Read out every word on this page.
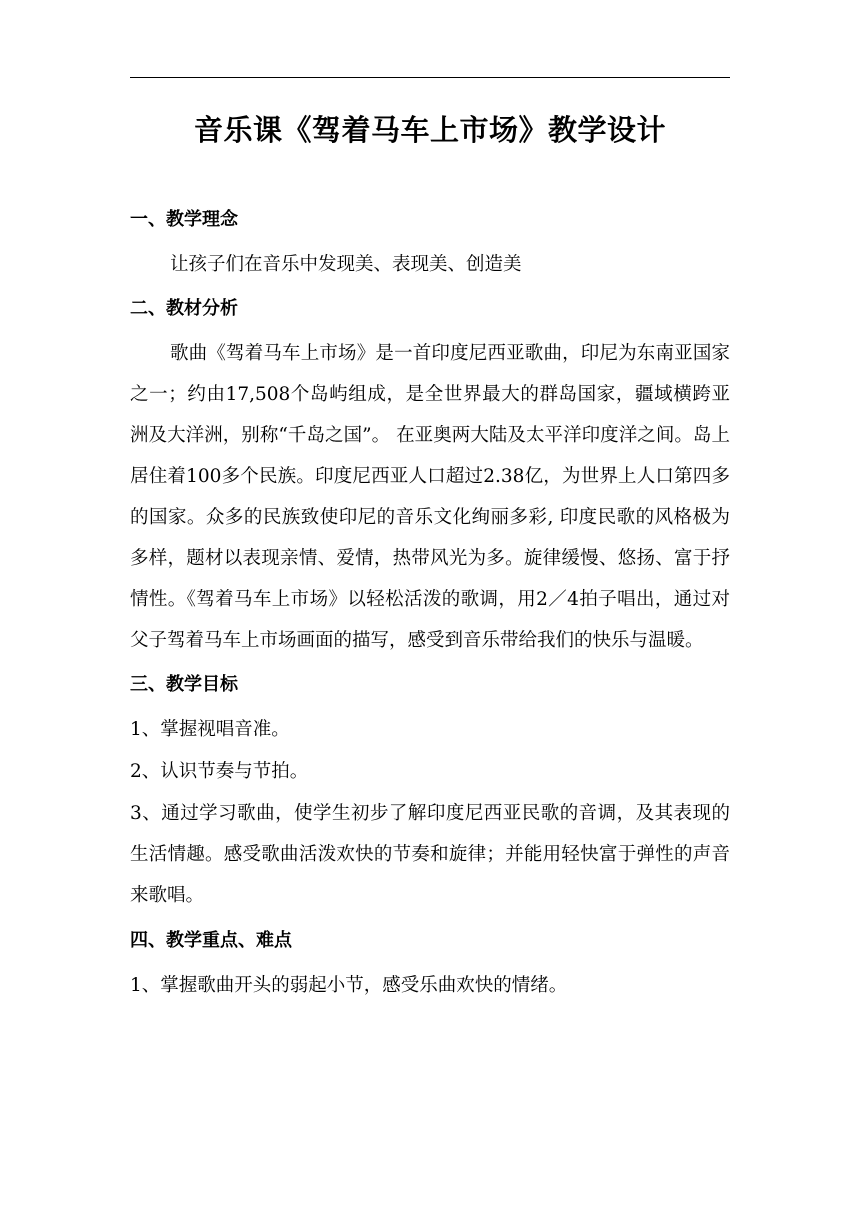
音乐课《驾着马车上市场》教学设计
一、教学理念

让孩子们在音乐中发现美、表现美、创造美

二、教材分析

歌曲《驾着马车上市场》是一首印度尼西亚歌曲，印尼为东南亚国家之一；约由17,508个岛屿组成，是全世界最大的群岛国家，疆域横跨亚洲及大洋洲，别称“千岛之国”。 在亚奥两大陆及太平洋印度洋之间。岛上居住着100多个民族。印度尼西亚人口超过2.38亿，为世界上人口第四多的国家。众多的民族致使印尼的音乐文化绚丽多彩, 印度民歌的风格极为多样，题材以表现亲情、爱情，热带风光为多。旋律缓慢、悠扬、富于抒情性。《驾着马车上市场》以轻松活泼的歌调，用2／4拍子唱出，通过对父子驾着马车上市场画面的描写，感受到音乐带给我们的快乐与温暖。

三、教学目标

1、掌握视唱音准。

2、认识节奏与节拍。

3、通过学习歌曲，使学生初步了解印度尼西亚民歌的音调，及其表现的生活情趣。感受歌曲活泼欢快的节奏和旋律；并能用轻快富于弹性的声音来歌唱。

四、教学重点、难点

1、掌握歌曲开头的弱起小节，感受乐曲欢快的情绪。
